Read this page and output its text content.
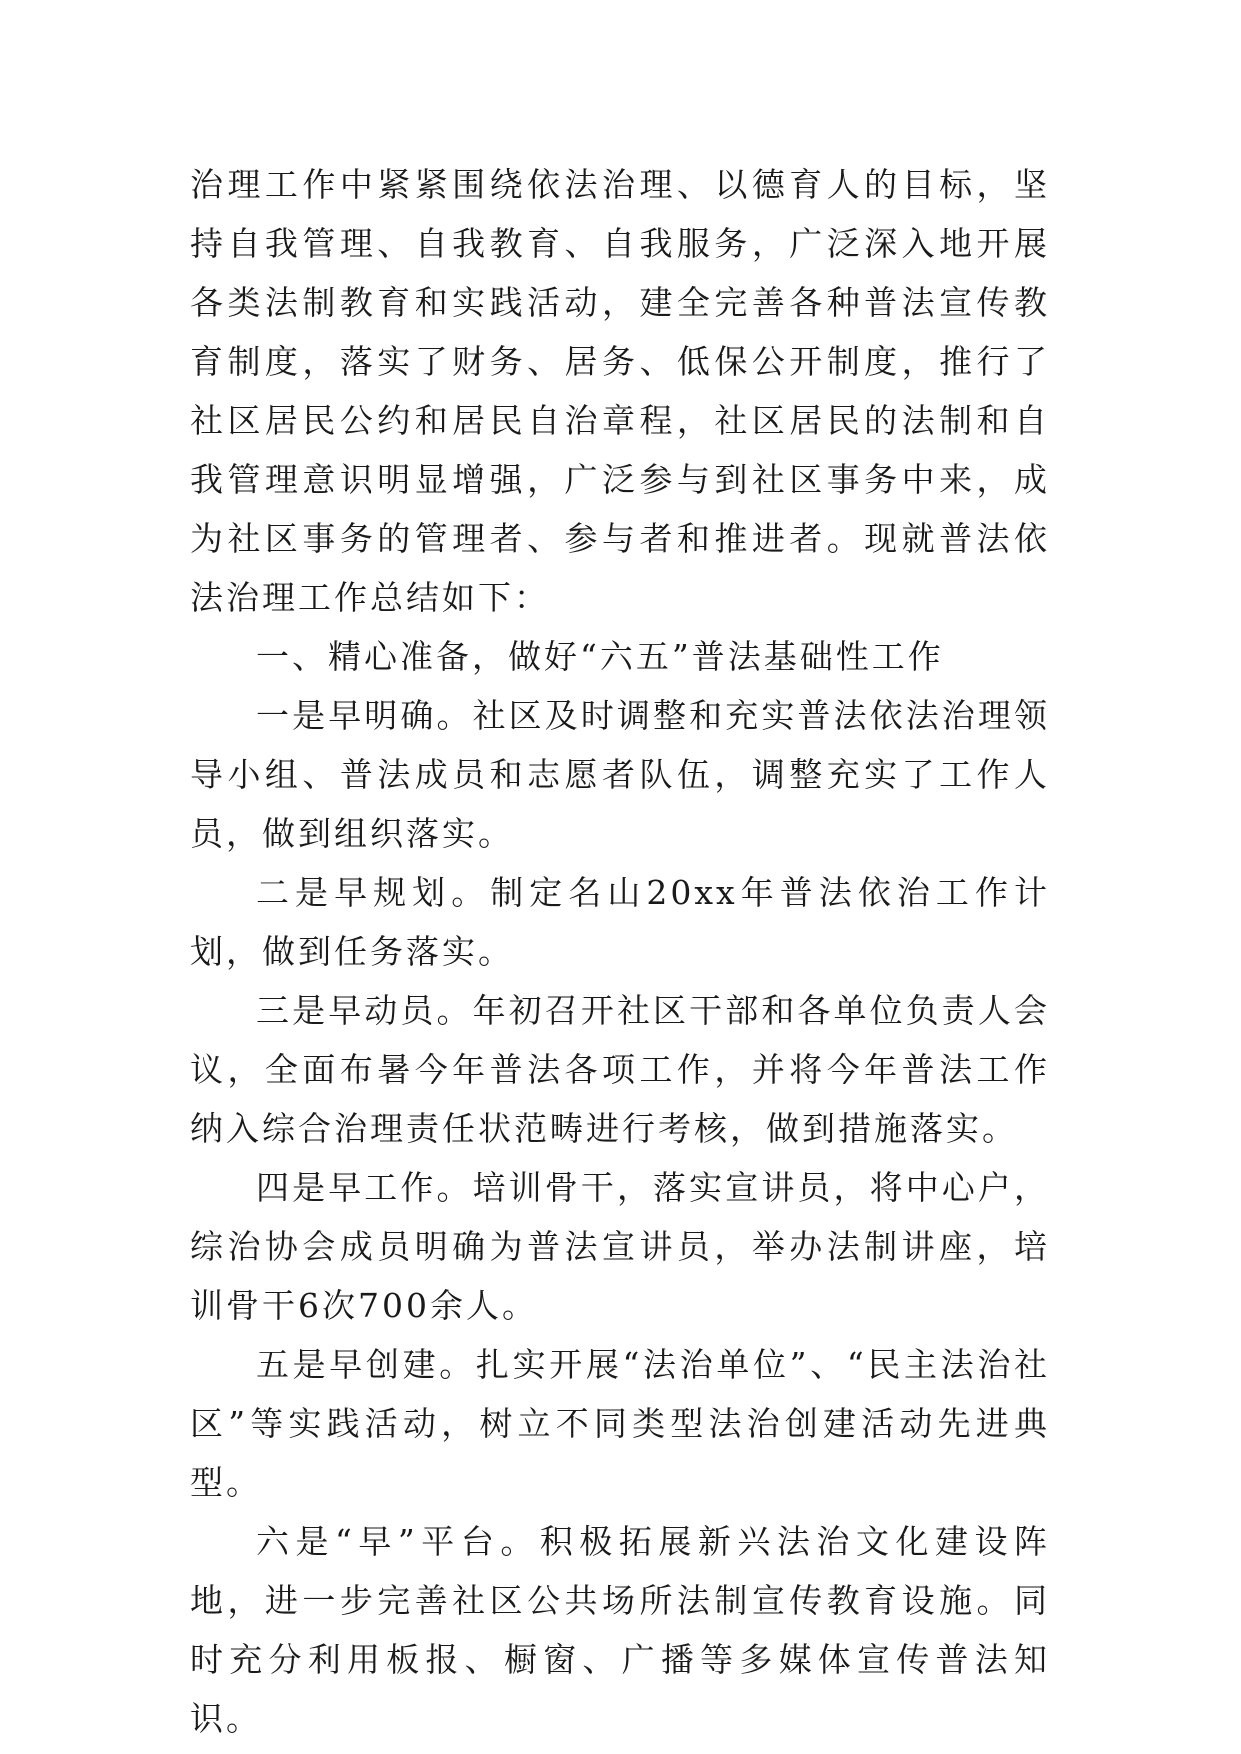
治理工作中紧紧围绕依法治理、以德育人的目标，坚持自我管理、自我教育、自我服务，广泛深入地开展各类法制教育和实践活动，建全完善各种普法宣传教育制度，落实了财务、居务、低保公开制度，推行了社区居民公约和居民自治章程，社区居民的法制和自我管理意识明显增强，广泛参与到社区事务中来，成为社区事务的管理者、参与者和推进者。现就普法依法治理工作总结如下：

一、精心准备，做好“六五”普法基础性工作

一是早明确。社区及时调整和充实普法依法治理领导小组、普法成员和志愿者队伍，调整充实了工作人员，做到组织落实。

二是早规划。制定名山20xx年普法依治工作计划，做到任务落实。

三是早动员。年初召开社区干部和各单位负责人会议，全面布暑今年普法各项工作，并将今年普法工作纳入综合治理责任状范畴进行考核，做到措施落实。

四是早工作。培训骨干，落实宣讲员，将中心户，综治协会成员明确为普法宣讲员，举办法制讲座，培训骨干6次700余人。

五是早创建。扎实开展“法治单位”、“民主法治社区”等实践活动，树立不同类型法治创建活动先进典型。

六是“早”平台。积极拓展新兴法治文化建设阵地，进一步完善社区公共场所法制宣传教育设施。同时充分利用板报、橱窗、广播等多媒体宣传普法知识。
